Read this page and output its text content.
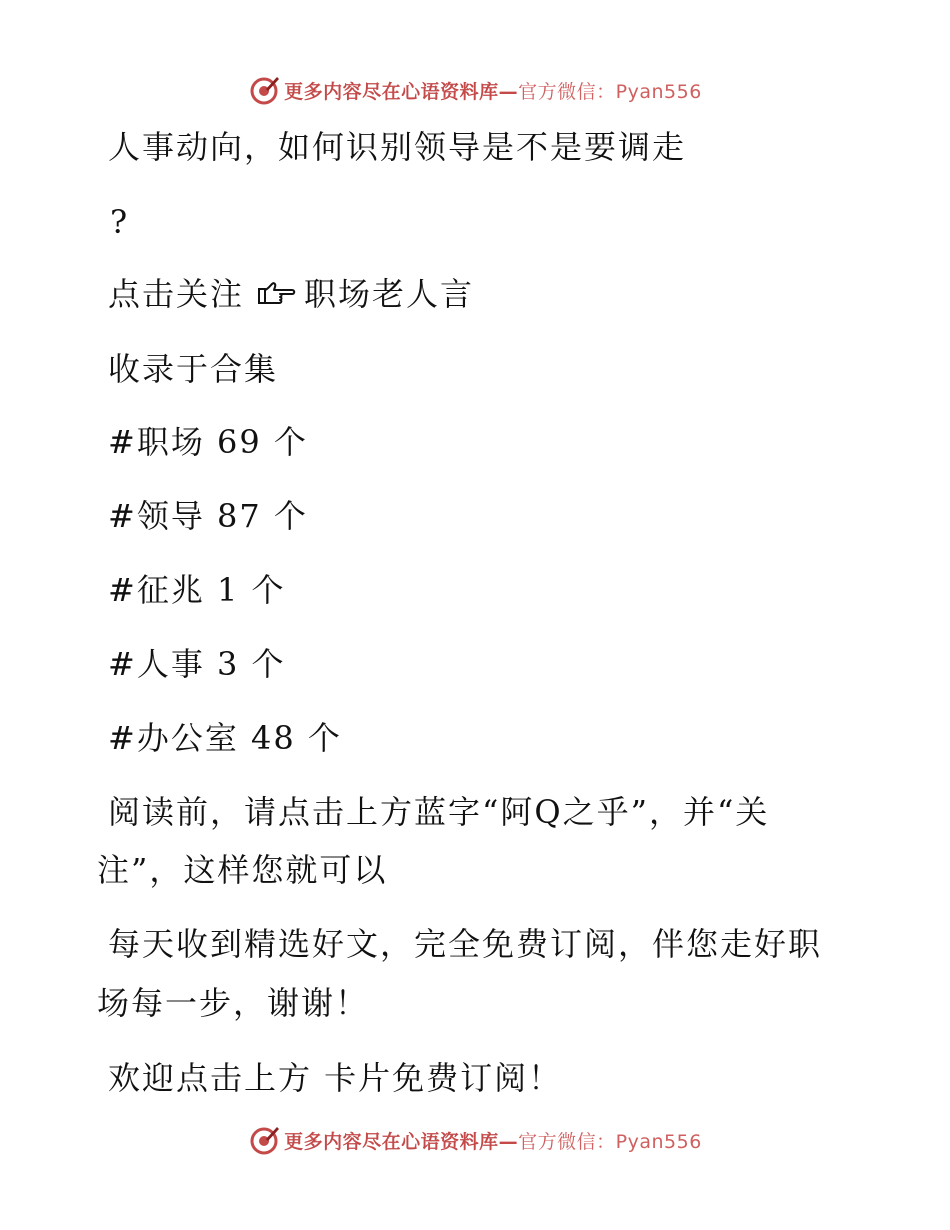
更多内容尽在心语资料库—官方微信：Pyan556
人事动向，如何识别领导是不是要调走
?
点击关注 职场老人言
收录于合集
#职场 69 个
#领导 87 个
#征兆 1 个
#人事 3 个
#办公室 48 个
阅读前，请点击上方蓝字“阿Q之乎”，并“关
注”，这样您就可以
每天收到精选好文，完全免费订阅，伴您走好职
场每一步，谢谢！
欢迎点击上方 卡片免费订阅！
更多内容尽在心语资料库—官方微信：Pyan556
